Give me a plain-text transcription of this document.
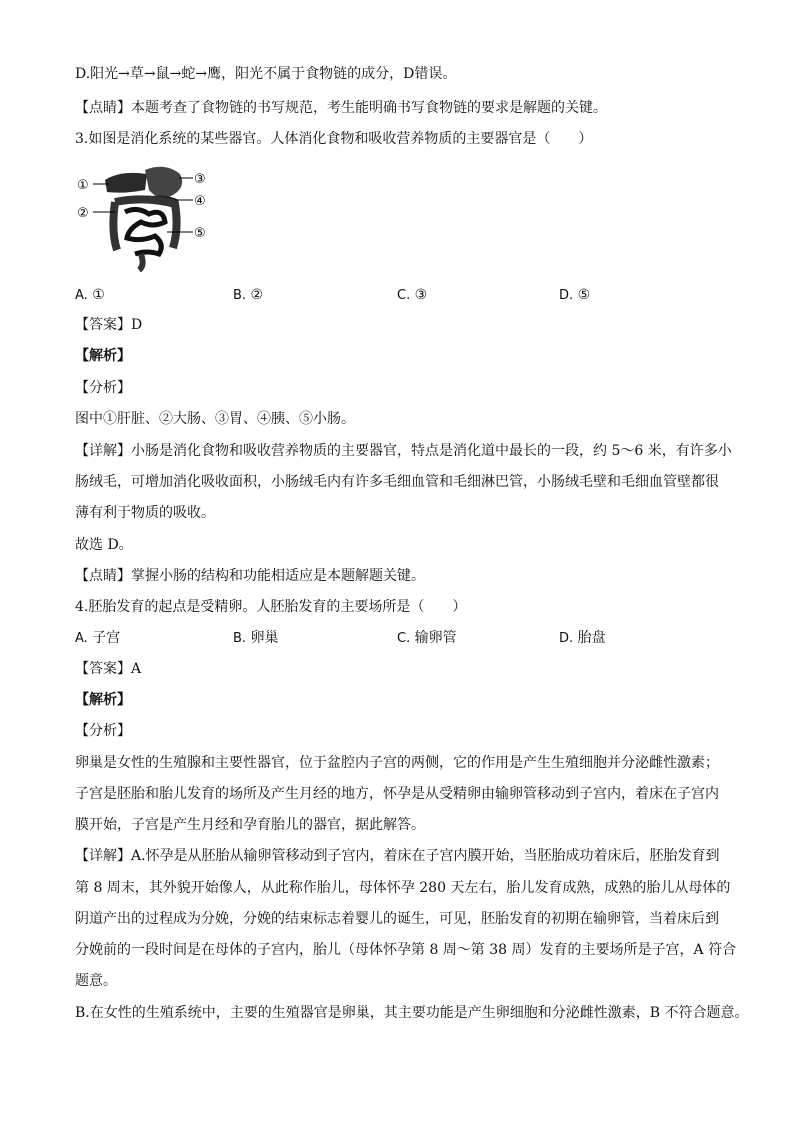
D.阳光→草→鼠→蛇→鹰，阳光不属于食物链的成分，D错误。
【点睛】本题考查了食物链的书写规范，考生能明确书写食物链的要求是解题的关键。
3.如图是消化系统的某些器官。人体消化食物和吸收营养物质的主要器官是（　　）
①
②
③
④
⑤
A. ①	B. ②	C. ③	D. ⑤
【答案】D
【解析】
【分析】
图中①肝脏、②大肠、③胃、④胰、⑤小肠。
【详解】小肠是消化食物和吸收营养物质的主要器官，特点是消化道中最长的一段，约 5～6 米，有许多小
肠绒毛，可增加消化吸收面积，小肠绒毛内有许多毛细血管和毛细淋巴管，小肠绒毛壁和毛细血管壁都很
薄有利于物质的吸收。
故选 D。
【点睛】掌握小肠的结构和功能相适应是本题解题关键。
4.胚胎发育的起点是受精卵。人胚胎发育的主要场所是（　　）
A. 子宫	B. 卵巢	C. 输卵管	D. 胎盘
【答案】A
【解析】
【分析】
卵巢是女性的生殖腺和主要性器官，位于盆腔内子宫的两侧，它的作用是产生生殖细胞并分泌雌性激素；
子宫是胚胎和胎儿发育的场所及产生月经的地方，怀孕是从受精卵由输卵管移动到子宫内，着床在子宫内
膜开始，子宫是产生月经和孕育胎儿的器官，据此解答。
【详解】A.怀孕是从胚胎从输卵管移动到子宫内，着床在子宫内膜开始，当胚胎成功着床后，胚胎发育到
第 8 周末，其外貌开始像人，从此称作胎儿，母体怀孕 280 天左右，胎儿发育成熟，成熟的胎儿从母体的
阴道产出的过程成为分娩，分娩的结束标志着婴儿的诞生，可见，胚胎发育的初期在输卵管，当着床后到
分娩前的一段时间是在母体的子宫内，胎儿（母体怀孕第 8 周～第 38 周）发育的主要场所是子宫，A 符合
题意。
B.在女性的生殖系统中，主要的生殖器官是卵巢，其主要功能是产生卵细胞和分泌雌性激素，B 不符合题意。
